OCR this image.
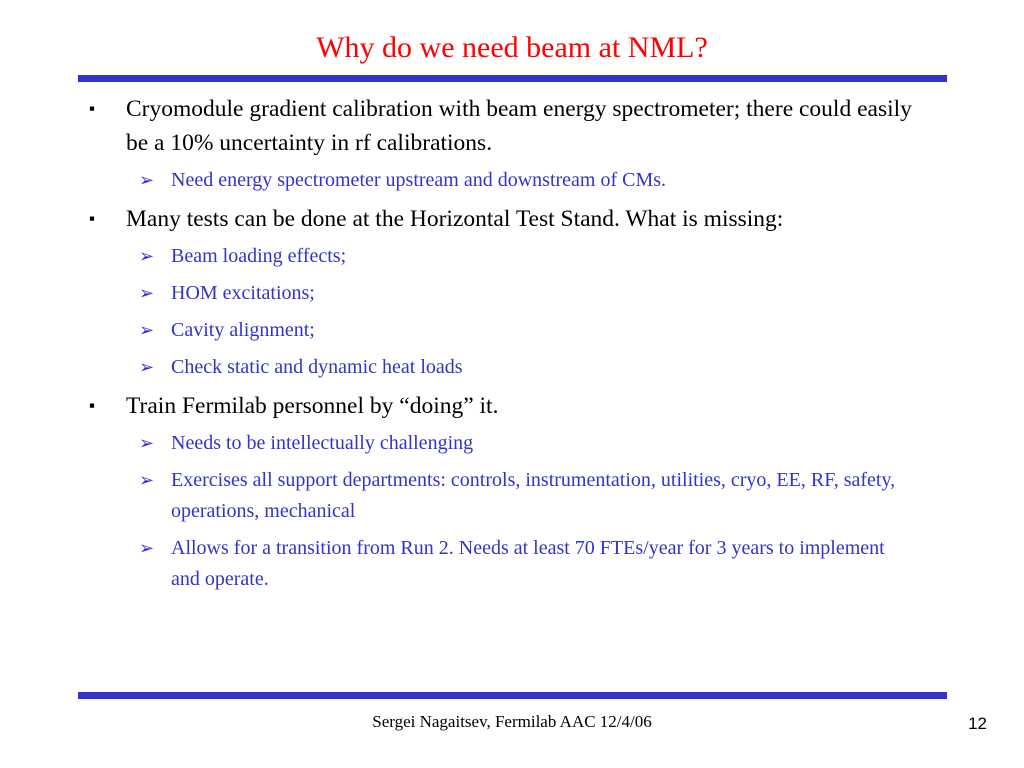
Why do we need beam at NML?
▪ Cryomodule gradient calibration with beam energy spectrometer; there could easily be a 10% uncertainty in rf calibrations.
➢ Need energy spectrometer upstream and downstream of CMs.
▪ Many tests can be done at the Horizontal Test Stand. What is missing:
➢ Beam loading effects;
➢ HOM excitations;
➢ Cavity alignment;
➢ Check static and dynamic heat loads
▪ Train Fermilab personnel by “doing” it.
➢ Needs to be intellectually challenging
➢ Exercises all support departments: controls, instrumentation, utilities, cryo, EE, RF, safety, operations, mechanical
➢ Allows for a transition from Run 2. Needs at least 70 FTEs/year for 3 years to implement and operate.
Sergei Nagaitsev, Fermilab AAC 12/4/06	12
